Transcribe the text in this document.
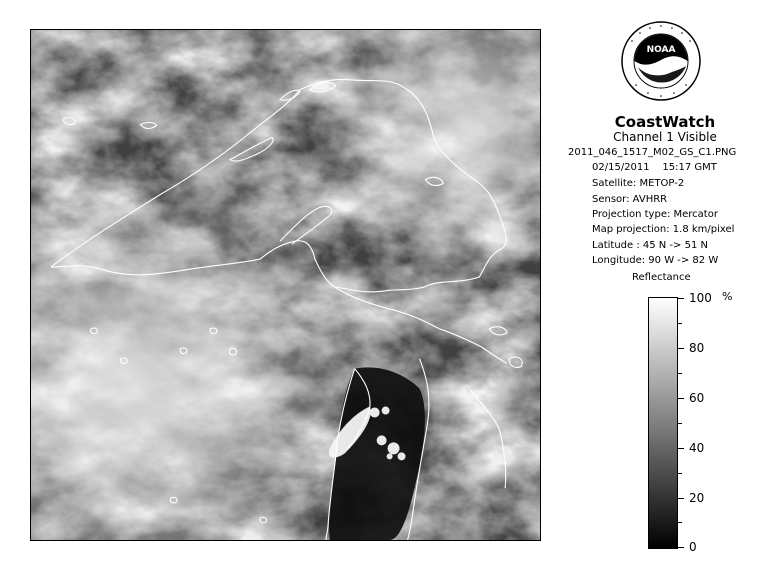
NOAA
CoastWatch
Channel 1 Visible
2011_046_1517_M02_GS_C1.PNG
02/15/2011 15:17 GMT
Satellite: METOP-2
Sensor: AVHRR
Projection type: Mercator
Map projection: 1.8 km/pixel
Latitude : 45 N -> 51 N
Longitude: 90 W -> 82 W
Reflectance
%
100
80
60
40
20
0
